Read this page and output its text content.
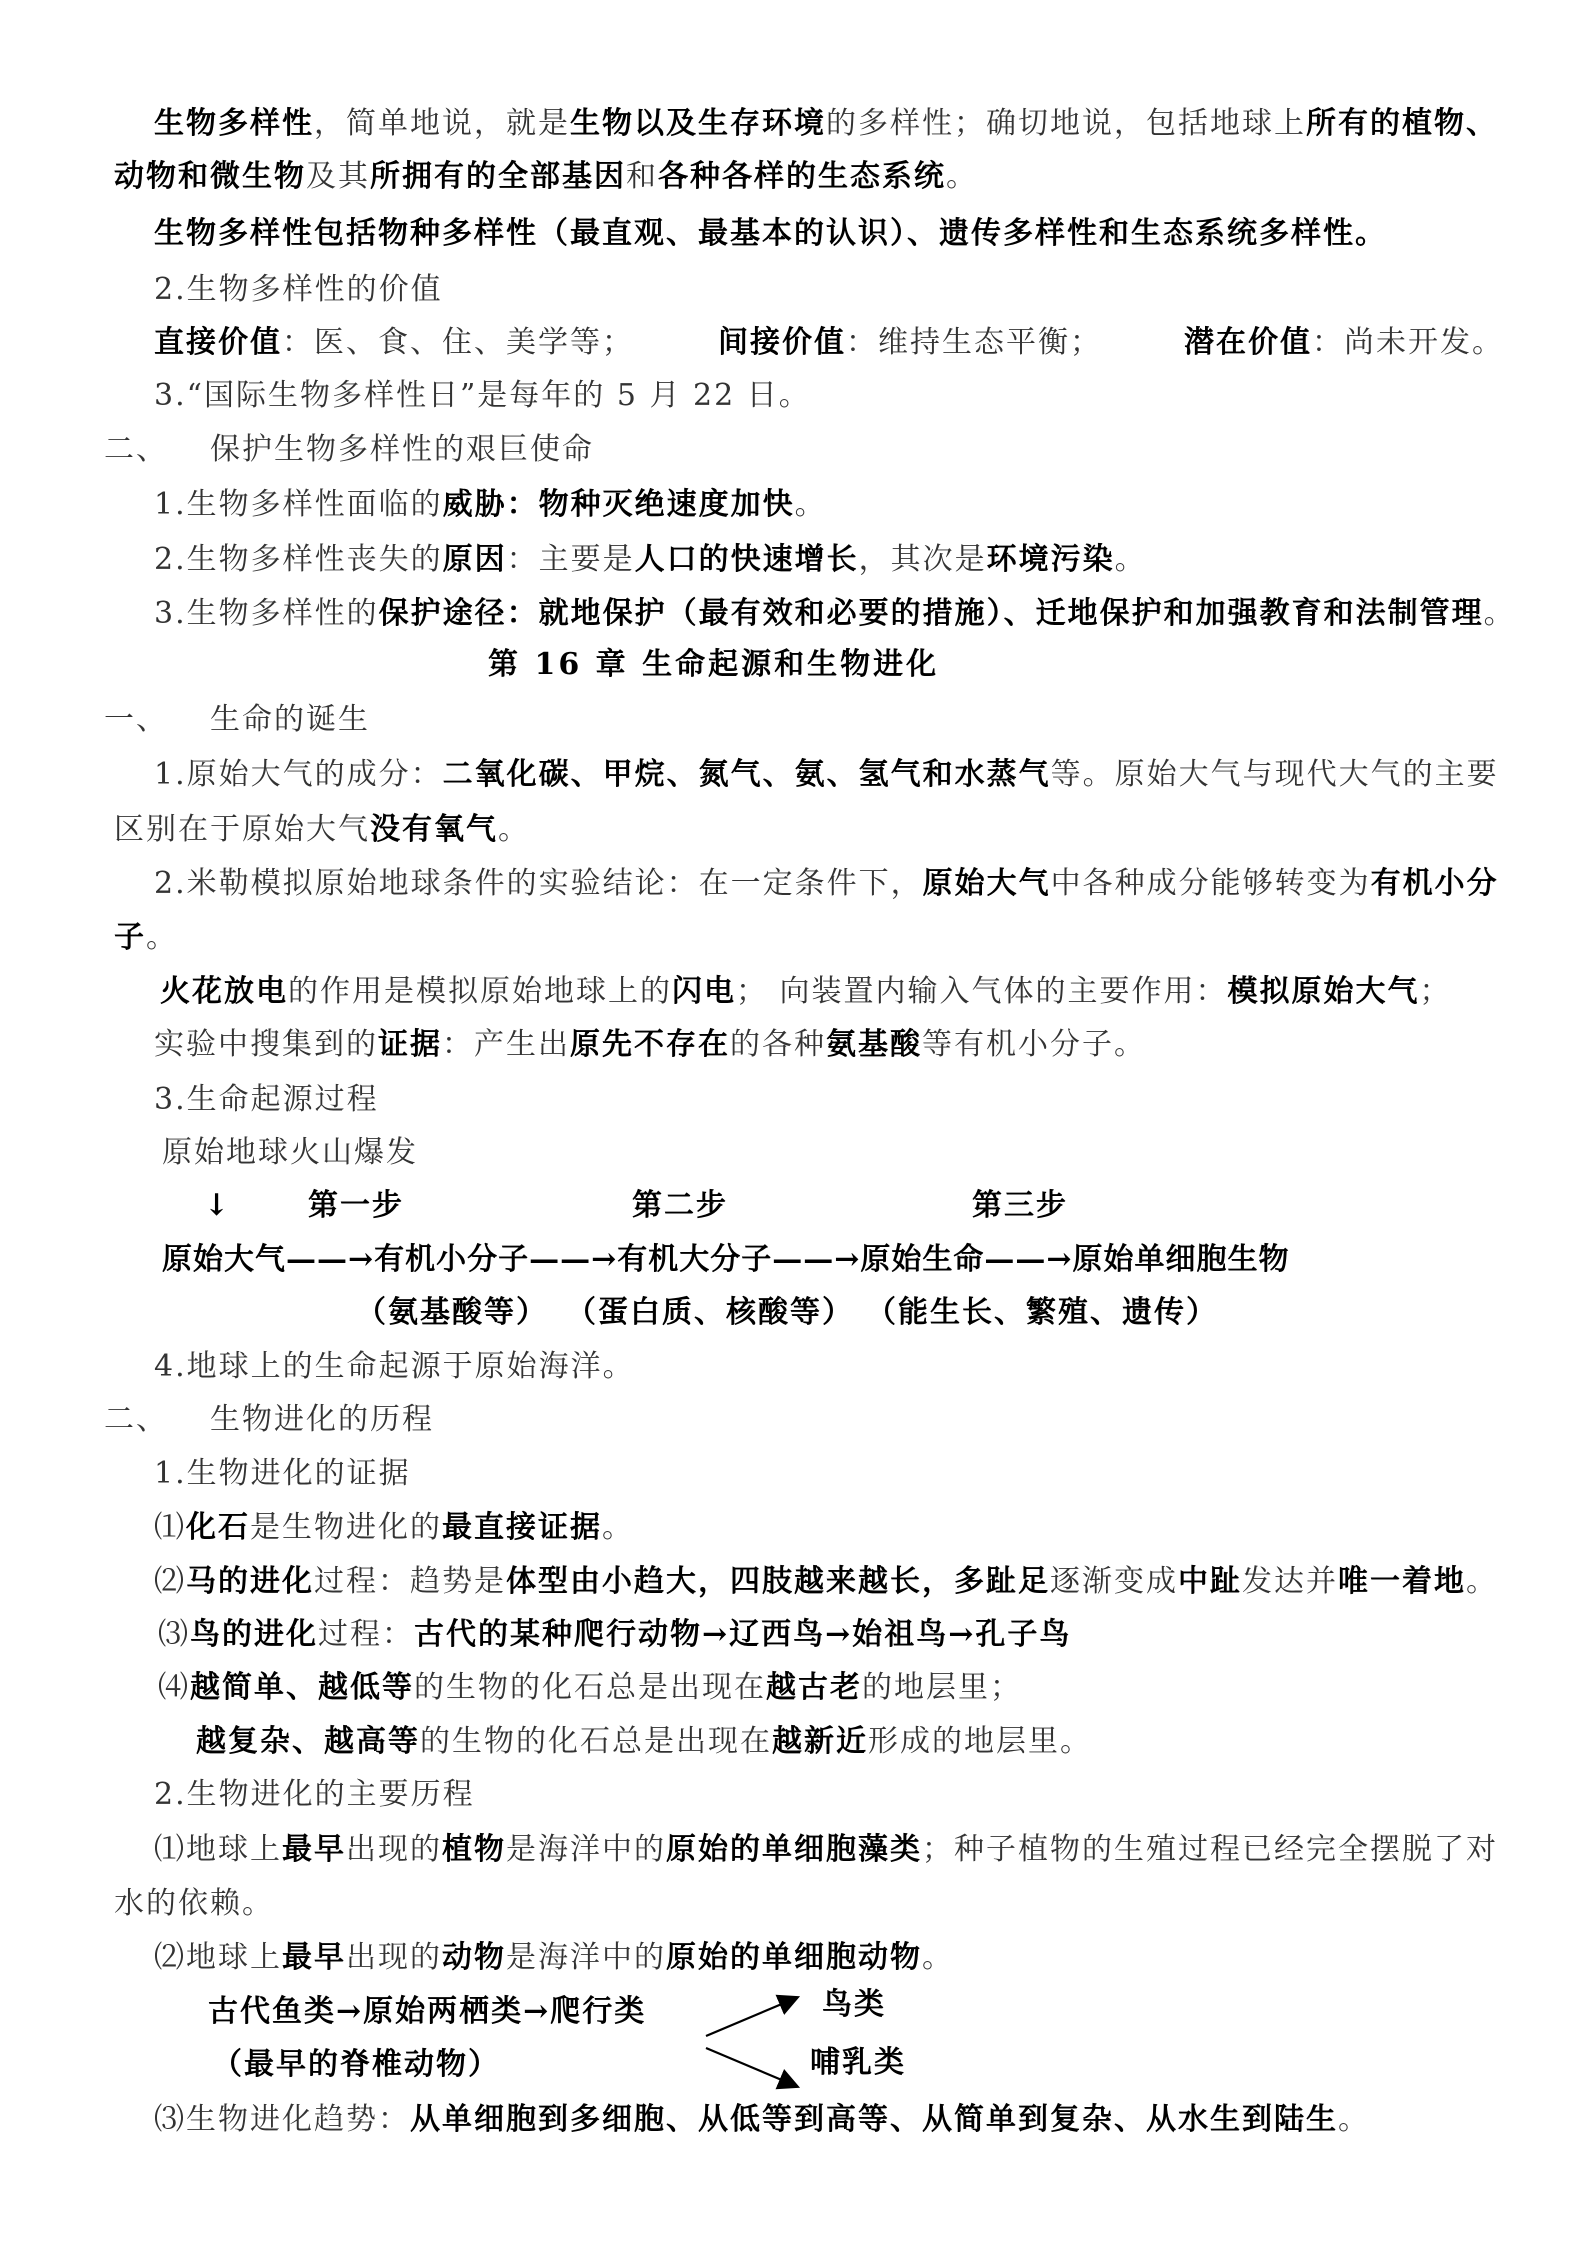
生物多样性，简单地说，就是生物以及生存环境的多样性；确切地说，包括地球上所有的植物、
动物和微生物及其所拥有的全部基因和各种各样的生态系统。
生物多样性包括物种多样性（最直观、最基本的认识）、遗传多样性和生态系统多样性。
2.生物多样性的价值
直接价值：医、食、住、美学等；	间接价值：维持生态平衡；	潜在价值：尚未开发。
3.“国际生物多样性日”是每年的 5 月 22 日。
二、 保护生物多样性的艰巨使命
1.生物多样性面临的威胁：物种灭绝速度加快。
2.生物多样性丧失的原因：主要是人口的快速增长，其次是环境污染。
3.生物多样性的保护途径：就地保护（最有效和必要的措施）、迁地保护和加强教育和法制管理。
第 16 章 生命起源和生物进化
一、 生命的诞生
1.原始大气的成分：二氧化碳、甲烷、氮气、氨、氢气和水蒸气等。原始大气与现代大气的主要
区别在于原始大气没有氧气。
2.米勒模拟原始地球条件的实验结论：在一定条件下，原始大气中各种成分能够转变为有机小分
子。
火花放电的作用是模拟原始地球上的闪电； 向装置内输入气体的主要作用：模拟原始大气；
实验中搜集到的证据：产生出原先不存在的各种氨基酸等有机小分子。
3.生命起源过程
原始地球火山爆发
↓	第一步	第二步	第三步
原始大气——→有机小分子——→有机大分子——→原始生命——→原始单细胞生物
（氨基酸等） （蛋白质、核酸等） （能生长、繁殖、遗传）
4.地球上的生命起源于原始海洋。
二、 生物进化的历程
1.生物进化的证据
⑴化石是生物进化的最直接证据。
⑵马的进化过程：趋势是体型由小趋大，四肢越来越长，多趾足逐渐变成中趾发达并唯一着地。
⑶鸟的进化过程：古代的某种爬行动物→辽西鸟→始祖鸟→孔子鸟
⑷越简单、越低等的生物的化石总是出现在越古老的地层里；
越复杂、越高等的生物的化石总是出现在越新近形成的地层里。
2.生物进化的主要历程
⑴地球上最早出现的植物是海洋中的原始的单细胞藻类；种子植物的生殖过程已经完全摆脱了对
水的依赖。
⑵地球上最早出现的动物是海洋中的原始的单细胞动物。
古代鱼类→原始两栖类→爬行类
（最早的脊椎动物）
鸟类
哺乳类
⑶生物进化趋势：从单细胞到多细胞、从低等到高等、从简单到复杂、从水生到陆生。
